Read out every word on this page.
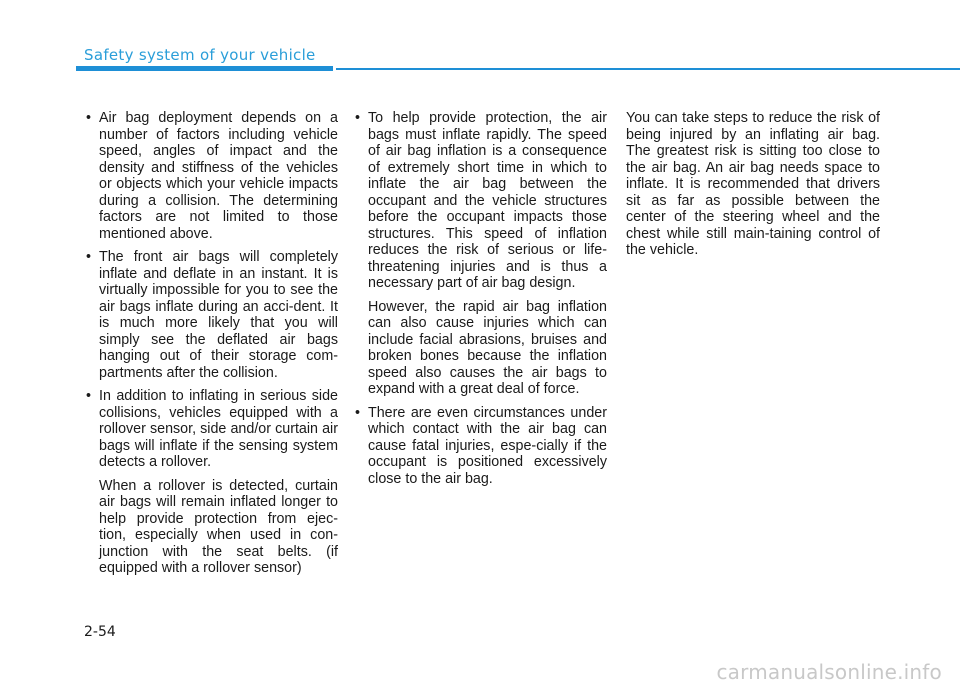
Safety system of your vehicle

• Air bag deployment depends on a number of factors including vehicle speed, angles of impact and the density and stiffness of the vehicles or objects which your vehicle impacts during a collision. The determining factors are not limited to those mentioned above.

• The front air bags will completely inflate and deflate in an instant. It is virtually impossible for you to see the air bags inflate during an acci-dent. It is much more likely that you will simply see the deflated air bags hanging out of their storage com-partments after the collision.

• In addition to inflating in serious side collisions, vehicles equipped with a rollover sensor, side and/or curtain air bags will inflate if the sensing system detects a rollover.

When a rollover is detected, curtain air bags will remain inflated longer to help provide protection from ejec-tion, especially when used in con-junction with the seat belts. (if equipped with a rollover sensor)

• To help provide protection, the air bags must inflate rapidly. The speed of air bag inflation is a consequence of extremely short time in which to inflate the air bag between the occupant and the vehicle structures before the occupant impacts those structures. This speed of inflation reduces the risk of serious or life-threatening injuries and is thus a necessary part of air bag design.

However, the rapid air bag inflation can also cause injuries which can include facial abrasions, bruises and broken bones because the inflation speed also causes the air bags to expand with a great deal of force.

• There are even circumstances under which contact with the air bag can cause fatal injuries, espe-cially if the occupant is positioned excessively close to the air bag.

You can take steps to reduce the risk of being injured by an inflating air bag. The greatest risk is sitting too close to the air bag. An air bag needs space to inflate. It is recommended that drivers sit as far as possible between the center of the steering wheel and the chest while still main-taining control of the vehicle.

2-54
carmanualsonline.info
